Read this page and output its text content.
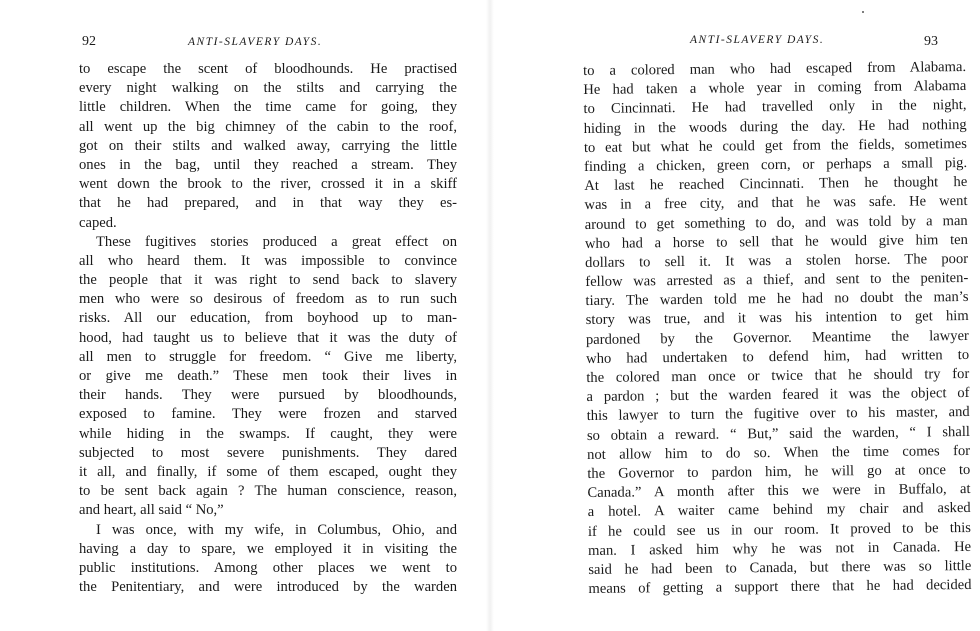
92	ANTI-SLAVERY DAYS.
to escape the scent of bloodhounds. He practised
every night walking on the stilts and carrying the
little children. When the time came for going, they
all went up the big chimney of the cabin to the roof,
got on their stilts and walked away, carrying the little
ones in the bag, until they reached a stream. They
went down the brook to the river, crossed it in a skiff
that he had prepared, and in that way they es-
caped.
These fugitives stories produced a great effect on
all who heard them. It was impossible to convince
the people that it was right to send back to slavery
men who were so desirous of freedom as to run such
risks. All our education, from boyhood up to man-
hood, had taught us to believe that it was the duty of
all men to struggle for freedom. “ Give me liberty,
or give me death.” These men took their lives in
their hands. They were pursued by bloodhounds,
exposed to famine. They were frozen and starved
while hiding in the swamps. If caught, they were
subjected to most severe punishments. They dared
it all, and finally, if some of them escaped, ought they
to be sent back again ? The human conscience, reason,
and heart, all said “ No,”
I was once, with my wife, in Columbus, Ohio, and
having a day to spare, we employed it in visiting the
public institutions. Among other places we went to
the Penitentiary, and were introduced by the warden
ANTI-SLAVERY DAYS.	93
to a colored man who had escaped from Alabama.
He had taken a whole year in coming from Alabama
to Cincinnati. He had travelled only in the night,
hiding in the woods during the day. He had nothing
to eat but what he could get from the fields, sometimes
finding a chicken, green corn, or perhaps a small pig.
At last he reached Cincinnati. Then he thought he
was in a free city, and that he was safe. He went
around to get something to do, and was told by a man
who had a horse to sell that he would give him ten
dollars to sell it. It was a stolen horse. The poor
fellow was arrested as a thief, and sent to the peniten-
tiary. The warden told me he had no doubt the man’s
story was true, and it was his intention to get him
pardoned by the Governor. Meantime the lawyer
who had undertaken to defend him, had written to
the colored man once or twice that he should try for
a pardon ; but the warden feared it was the object of
this lawyer to turn the fugitive over to his master, and
so obtain a reward. “ But,” said the warden, “ I shall
not allow him to do so. When the time comes for
the Governor to pardon him, he will go at once to
Canada.” A month after this we were in Buffalo, at
a hotel. A waiter came behind my chair and asked
if he could see us in our room. It proved to be this
man. I asked him why he was not in Canada. He
said he had been to Canada, but there was so little
means of getting a support there that he had decided
